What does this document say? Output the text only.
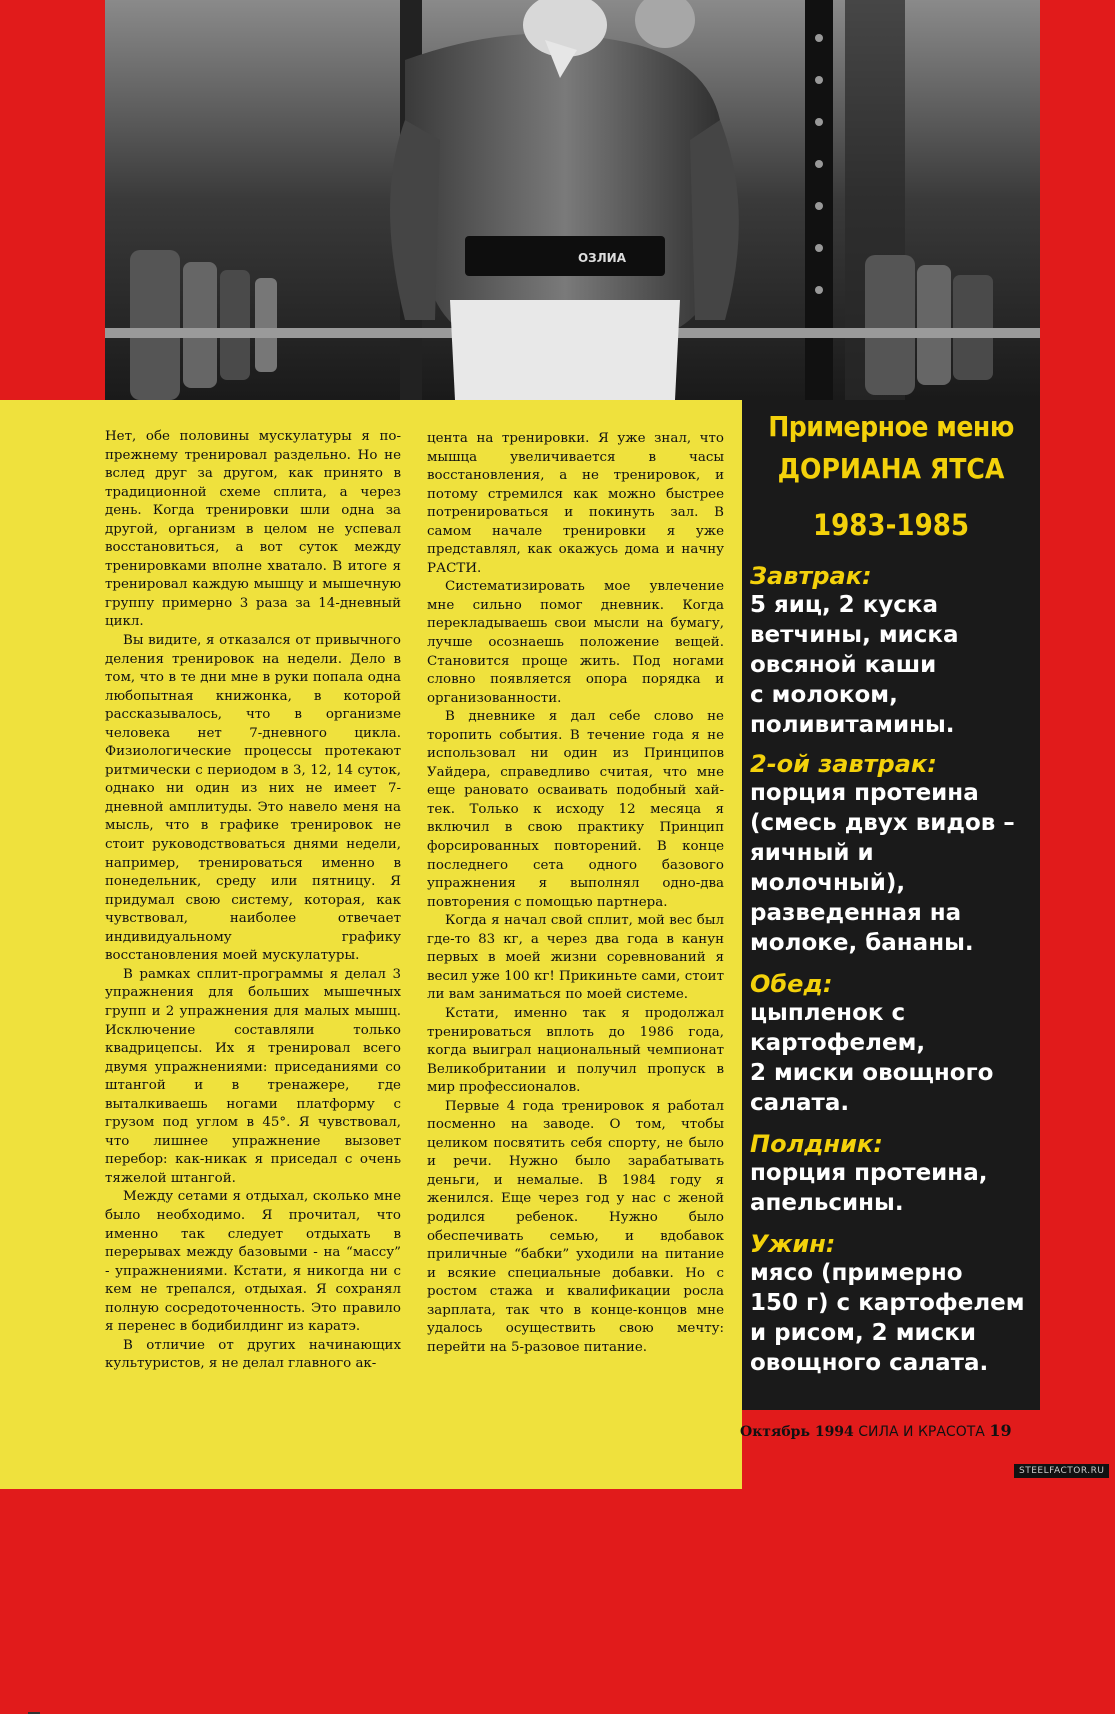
OЗЛИА

Нет, обе половины мускулатуры я по-прежнему тренировал раздельно. Но не вслед друг за другом, как принято в традиционной схеме сплита, а через день. Когда тренировки шли одна за другой, организм в целом не успевал восстановиться, а вот суток между тренировками вполне хватало. В итоге я тренировал каждую мышцу и мышечную группу примерно 3 раза за 14-дневный цикл.

Вы видите, я отказался от привычного деления тренировок на недели. Дело в том, что в те дни мне в руки попала одна любопытная книжонка, в которой рассказывалось, что в организме человека нет 7-дневного цикла. Физиологические процессы протекают ритмически с периодом в 3, 12, 14 суток, однако ни один из них не имеет 7-дневной амплитуды. Это навело меня на мысль, что в графике тренировок не стоит руководствоваться днями недели, например, тренироваться именно в понедельник, среду или пятницу. Я придумал свою систему, которая, как чувствовал, наиболее отвечает индивидуальному графику восстановления моей мускулатуры.

В рамках сплит-программы я делал 3 упражнения для больших мышечных групп и 2 упражнения для малых мышц. Исключение составляли только квадрицепсы. Их я тренировал всего двумя упражнениями: приседаниями со штангой и в тренажере, где выталкиваешь ногами платформу с грузом под углом в 45°. Я чувствовал, что лишнее упражнение вызовет перебор: как-никак я приседал с очень тяжелой штангой.

Между сетами я отдыхал, сколько мне было необходимо. Я прочитал, что именно так следует отдыхать в перерывах между базовыми - на “массу” - упражнениями. Кстати, я никогда ни с кем не трепался, отдыхая. Я сохранял полную сосредоточенность. Это правило я перенес в бодибилдинг из каратэ.

В отличие от других начинающих культуристов, я не делал главного ак-

цента на тренировки. Я уже знал, что мышца увеличивается в часы восстановления, а не тренировок, и потому стремился как можно быстрее потренироваться и покинуть зал. В самом начале тренировки я уже представлял, как окажусь дома и начну РАСТИ.

Систематизировать мое увлечение мне сильно помог дневник. Когда перекладываешь свои мысли на бумагу, лучше осознаешь положение вещей. Становится проще жить. Под ногами словно появляется опора порядка и организованности.

В дневнике я дал себе слово не торопить события. В течение года я не использовал ни один из Принципов Уайдера, справедливо считая, что мне еще рановато осваивать подобный хай-тек. Только к исходу 12 месяца я включил в свою практику Принцип форсированных повторений. В конце последнего сета одного базового упражнения я выполнял одно-два повторения с помощью партнера.

Когда я начал свой сплит, мой вес был где-то 83 кг, а через два года в канун первых в моей жизни соревнований я весил уже 100 кг! Прикиньте сами, стоит ли вам заниматься по моей системе.

Кстати, именно так я продолжал тренироваться вплоть до 1986 года, когда выиграл национальный чемпионат Великобритании и получил пропуск в мир профессионалов.

Первые 4 года тренировок я работал посменно на заводе. О том, чтобы целиком посвятить себя спорту, не было и речи. Нужно было зарабатывать деньги, и немалые. В 1984 году я женился. Еще через год у нас с женой родился ребенок. Нужно было обеспечивать семью, и вдобавок приличные “бабки” уходили на питание и всякие специальные добавки. Но с ростом стажа и квалификации росла зарплата, так что в конце-концов мне удалось осуществить свою мечту: перейти на 5-разовое питание.

Примерное меню
ДОРИАНА ЯТСА
1983-1985
Завтрак:
5 яиц, 2 куска
ветчины, миска
овсяной каши
с молоком,
поливитамины.
2-ой завтрак:
порция протеина
(смесь двух видов –
яичный и
молочный),
разведенная на
молоке, бананы.
Обед:
цыпленок с
картофелем,
2 миски овощного
салата.
Полдник:
порция протеина,
апельсины.
Ужин:
мясо (примерно
150 г) с картофелем
и рисом, 2 миски
овощного салата.
Октябрь 1994 СИЛА И КРАСОТА 19
STEELFACTOR.RU
